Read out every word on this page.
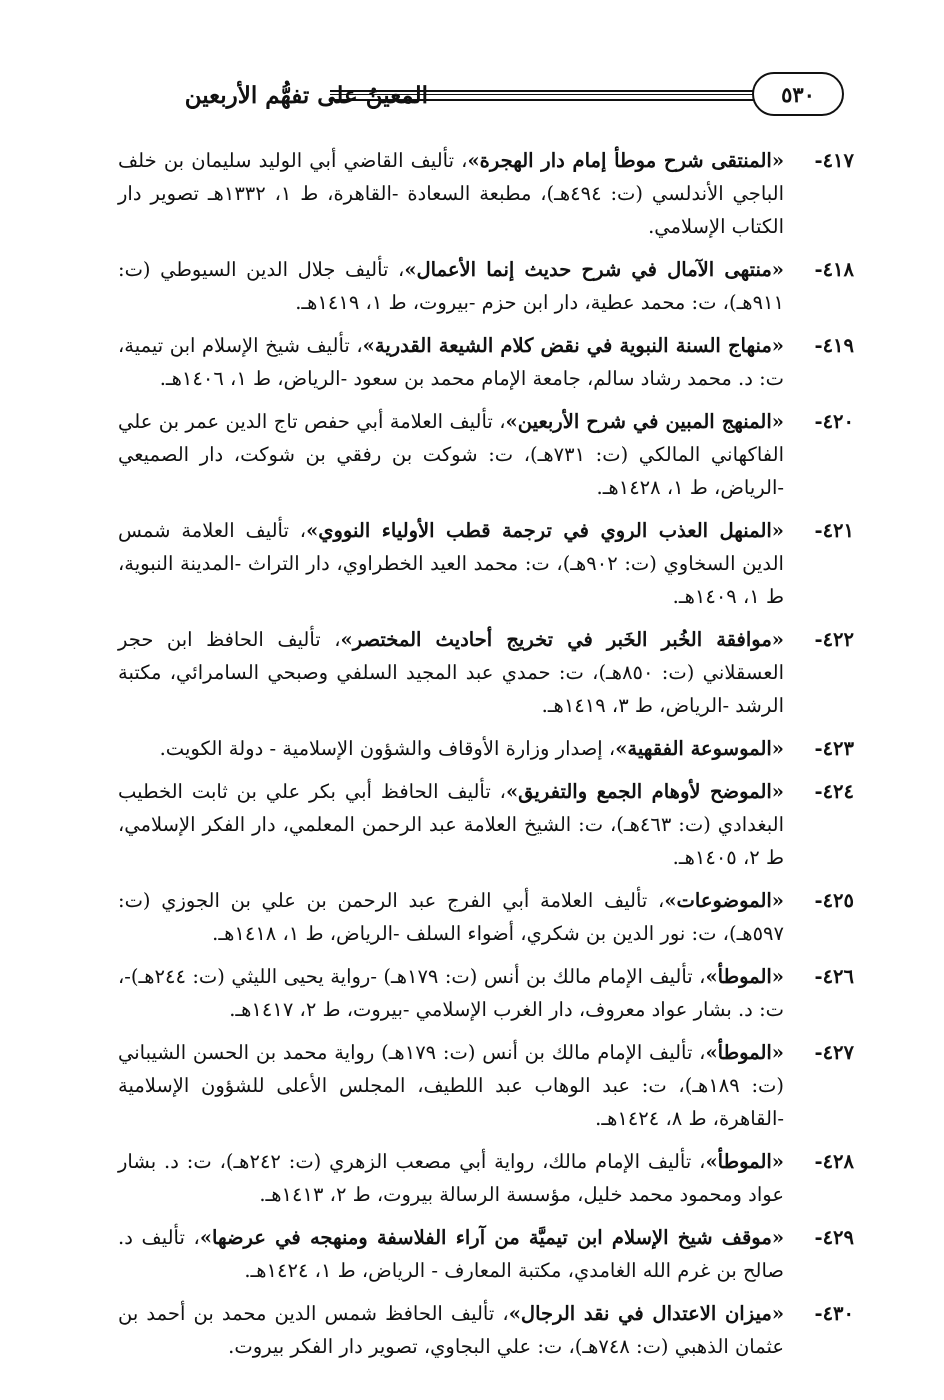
٥٣٠
المعينُ على تفهُّم الأربعين
٤١٧-
«المنتقى شرح موطأ إمام دار الهجرة»، تأليف القاضي أبي الوليد سليمان بن خلف الباجي الأندلسي (ت: ٤٩٤هـ)، مطبعة السعادة -القاهرة، ط ١، ١٣٣٢هـ تصوير دار الكتاب الإسلامي.
٤١٨-
«منتهى الآمال في شرح حديث إنما الأعمال»، تأليف جلال الدين السيوطي (ت: ٩١١هـ)، ت: محمد عطية، دار ابن حزم -بيروت، ط ١، ١٤١٩هـ.
٤١٩-
«منهاج السنة النبوية في نقض كلام الشيعة القدرية»، تأليف شيخ الإسلام ابن تيمية، ت: د. محمد رشاد سالم، جامعة الإمام محمد بن سعود -الرياض، ط ١، ١٤٠٦هـ.
٤٢٠-
«المنهج المبين في شرح الأربعين»، تأليف العلامة أبي حفص تاج الدين عمر بن علي الفاكهاني المالكي (ت: ٧٣١هـ)، ت: شوكت بن رفقي بن شوكت، دار الصميعي -الرياض، ط ١، ١٤٢٨هـ.
٤٢١-
«المنهل العذب الروي في ترجمة قطب الأولياء النووي»، تأليف العلامة شمس الدين السخاوي (ت: ٩٠٢هـ)، ت: محمد العيد الخطراوي، دار التراث -المدينة النبوية، ط ١، ١٤٠٩هـ.
٤٢٢-
«موافقة الخُبر الخَبر في تخريج أحاديث المختصر»، تأليف الحافظ ابن حجر العسقلاني (ت: ٨٥٠هـ)، ت: حمدي عبد المجيد السلفي وصبحي السامرائي، مكتبة الرشد -الرياض، ط ٣، ١٤١٩هـ.
٤٢٣-
«الموسوعة الفقهية»، إصدار وزارة الأوقاف والشؤون الإسلامية - دولة الكويت.
٤٢٤-
«الموضح لأوهام الجمع والتفريق»، تأليف الحافظ أبي بكر علي بن ثابت الخطيب البغدادي (ت: ٤٦٣هـ)، ت: الشيخ العلامة عبد الرحمن المعلمي، دار الفكر الإسلامي، ط ٢، ١٤٠٥هـ.
٤٢٥-
«الموضوعات»، تأليف العلامة أبي الفرج عبد الرحمن بن علي بن الجوزي (ت: ٥٩٧هـ)، ت: نور الدين بن شكري، أضواء السلف -الرياض، ط ١، ١٤١٨هـ.
٤٢٦-
«الموطأ»، تأليف الإمام مالك بن أنس (ت: ١٧٩هـ) -رواية يحيى الليثي (ت: ٢٤٤هـ)-، ت: د. بشار عواد معروف، دار الغرب الإسلامي -بيروت، ط ٢، ١٤١٧هـ.
٤٢٧-
«الموطأ»، تأليف الإمام مالك بن أنس (ت: ١٧٩هـ) رواية محمد بن الحسن الشيباني (ت: ١٨٩هـ)، ت: عبد الوهاب عبد اللطيف، المجلس الأعلى للشؤون الإسلامية -القاهرة، ط ٨، ١٤٢٤هـ.
٤٢٨-
«الموطأ»، تأليف الإمام مالك، رواية أبي مصعب الزهري (ت: ٢٤٢هـ)، ت: د. بشار عواد ومحمود محمد خليل، مؤسسة الرسالة بيروت، ط ٢، ١٤١٣هـ.
٤٢٩-
«موقف شيخ الإسلام ابن تيميَّة من آراء الفلاسفة ومنهجه في عرضها»، تأليف د. صالح بن غرم الله الغامدي، مكتبة المعارف - الرياض، ط ١، ١٤٢٤هـ.
٤٣٠-
«ميزان الاعتدال في نقد الرجال»، تأليف الحافظ شمس الدين محمد بن أحمد بن عثمان الذهبي (ت: ٧٤٨هـ)، ت: علي البجاوي، تصوير دار الفكر بيروت.
